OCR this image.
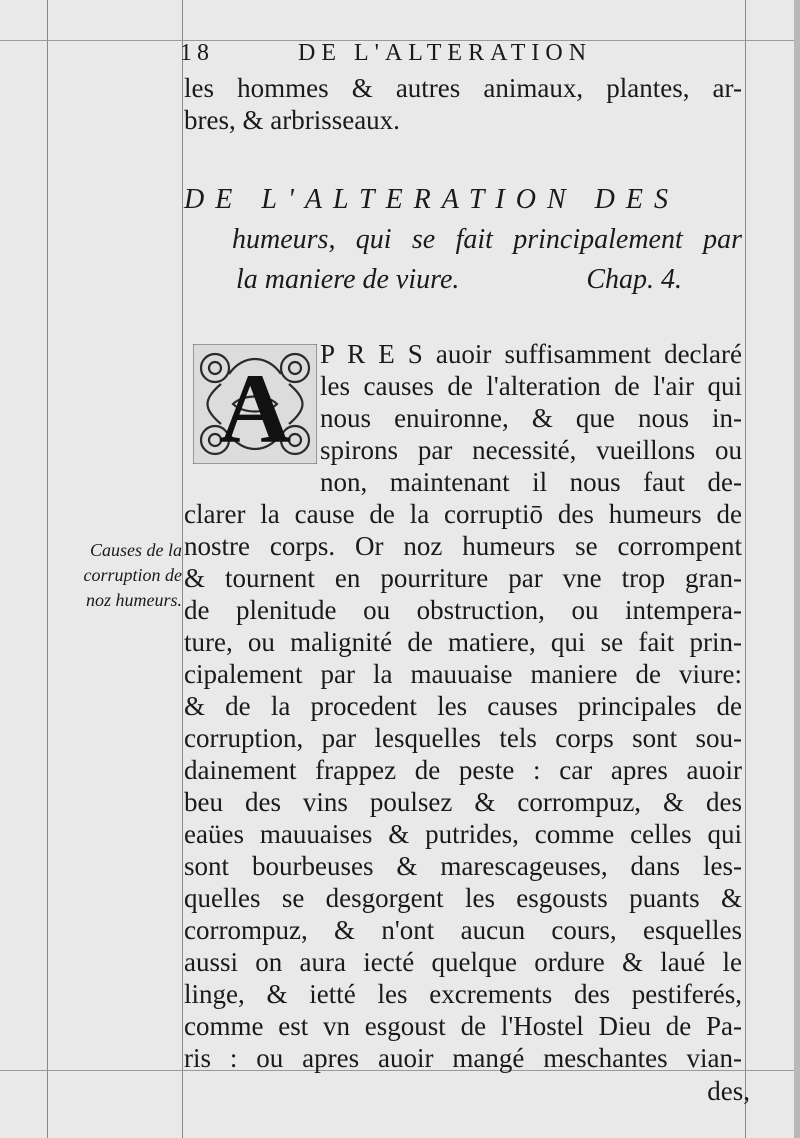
18	DE L'ALTERATION
les hommes & autres animaux, plantes, ar-
bres, & arbrisseaux.
DE L'ALTERATION DES
humeurs, qui se fait principalement par
la maniere de viure.	Chap. 4.
A	P R E S auoir suffisamment declaré
les causes de l'alteration de l'air qui
nous enuironne, & que nous in-
spirons par necessité, vueillons ou
non, maintenant il nous faut de-
clarer la cause de la corruptiō des humeurs de
nostre corps. Or noz humeurs se corrompent
& tournent en pourriture par vne trop gran-
de plenitude ou obstruction, ou intempera-
ture, ou malignité de matiere, qui se fait prin-
cipalement par la mauuaise maniere de viure:
& de la procedent les causes principales de
corruption, par lesquelles tels corps sont sou-
dainement frappez de peste : car apres auoir
beu des vins poulsez & corrompuz, & des
eaües mauuaises & putrides, comme celles qui
sont bourbeuses & marescageuses, dans les-
quelles se desgorgent les esgousts puants &
corrompuz, & n'ont aucun cours, esquelles
aussi on aura iecté quelque ordure & laué le
linge, & ietté les excrements des pestiferés,
comme est vn esgoust de l'Hostel Dieu de Pa-
ris : ou apres auoir mangé meschantes vian-
des,
Causes de la
corruption de
noz humeurs.
